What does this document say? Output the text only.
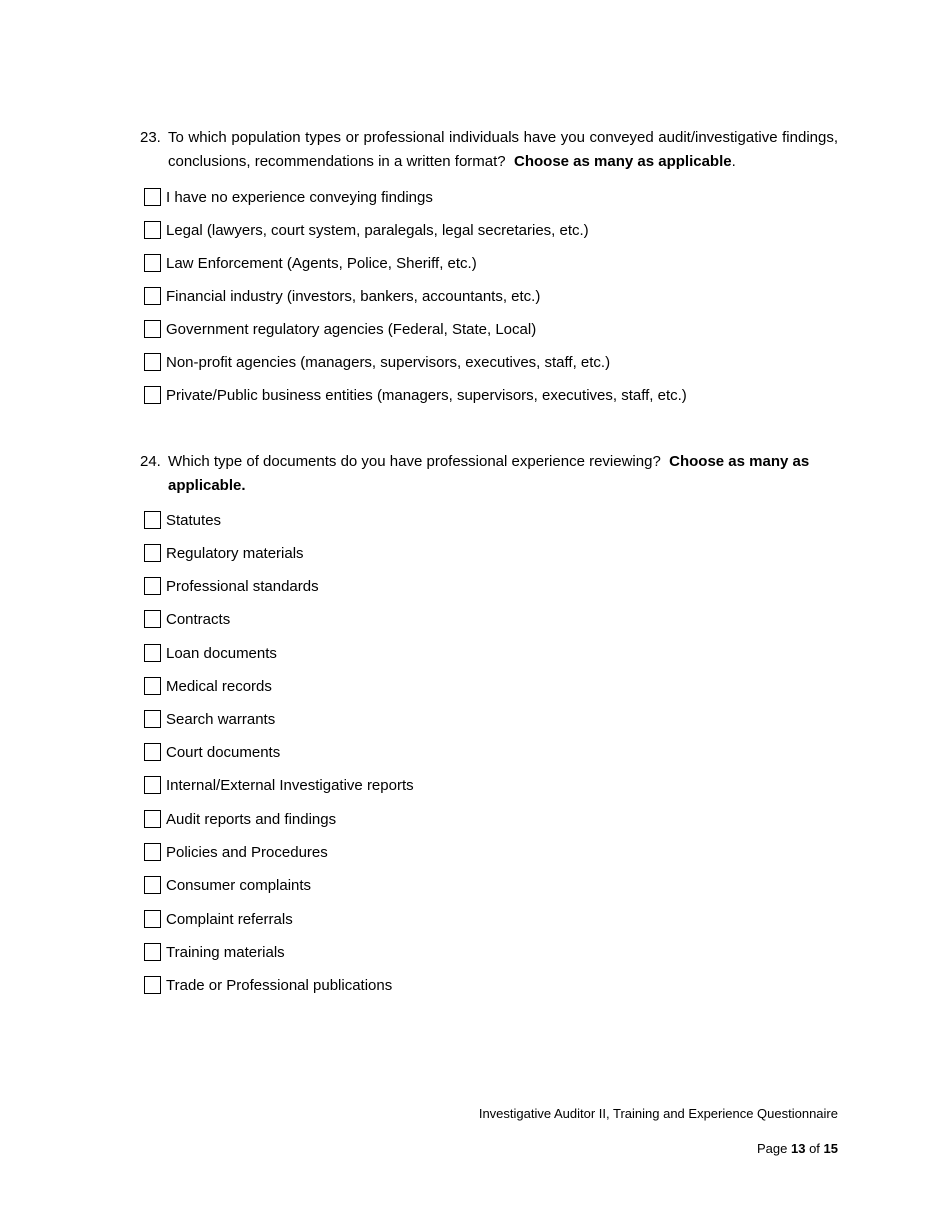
23. To which population types or professional individuals have you conveyed audit/investigative findings, conclusions, recommendations in a written format? Choose as many as applicable.
I have no experience conveying findings
Legal (lawyers, court system, paralegals, legal secretaries, etc.)
Law Enforcement (Agents, Police, Sheriff, etc.)
Financial industry (investors, bankers, accountants, etc.)
Government regulatory agencies (Federal, State, Local)
Non-profit agencies (managers, supervisors, executives, staff, etc.)
Private/Public business entities (managers, supervisors, executives, staff, etc.)
24. Which type of documents do you have professional experience reviewing? Choose as many as applicable.
Statutes
Regulatory materials
Professional standards
Contracts
Loan documents
Medical records
Search warrants
Court documents
Internal/External Investigative reports
Audit reports and findings
Policies and Procedures
Consumer complaints
Complaint referrals
Training materials
Trade or Professional publications
Investigative Auditor II, Training and Experience Questionnaire
Page 13 of 15
